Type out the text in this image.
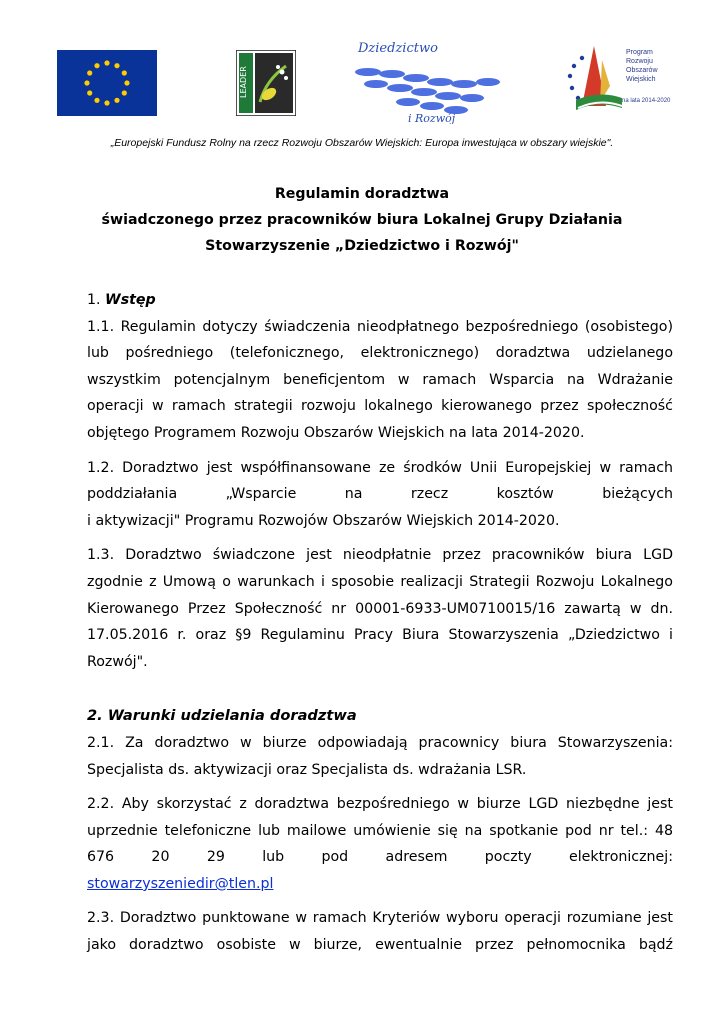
LEADER
Dziedzictwo
i Rozwój
Program
Rozwoju
Obszarów
Wiejskich
na lata 2014-2020
„Europejski Fundusz Rolny na rzecz Rozwoju Obszarów Wiejskich: Europa inwestująca w obszary wiejskie".
Regulamin doradztwa
świadczonego przez pracowników biura Lokalnej Grupy Działania
Stowarzyszenie „Dziedzictwo i Rozwój"
1. Wstęp

1.1. Regulamin dotyczy świadczenia nieodpłatnego bezpośredniego (osobistego) lub pośredniego (telefonicznego, elektronicznego) doradztwa udzielanego wszystkim potencjalnym beneficjentom w ramach Wsparcia na Wdrażanie operacji w ramach strategii rozwoju lokalnego kierowanego przez społeczność objętego Programem Rozwoju Obszarów Wiejskich na lata 2014-2020.

1.2. Doradztwo jest współfinansowane ze środków Unii Europejskiej w ramach poddziałania „Wsparcie na rzecz kosztów bieżących

i aktywizacji" Programu Rozwojów Obszarów Wiejskich 2014-2020.

1.3. Doradztwo świadczone jest nieodpłatnie przez pracowników biura LGD zgodnie z Umową o warunkach i sposobie realizacji Strategii Rozwoju Lokalnego Kierowanego Przez Społeczność nr 00001-6933-UM0710015/16 zawartą w dn. 17.05.2016 r. oraz §9 Regulaminu Pracy Biura Stowarzyszenia „Dziedzictwo i Rozwój".

2. Warunki udzielania doradztwa

2.1. Za doradztwo w biurze odpowiadają pracownicy biura Stowarzyszenia: Specjalista ds. aktywizacji oraz Specjalista ds. wdrażania LSR.

2.2. Aby skorzystać z doradztwa bezpośredniego w biurze LGD niezbędne jest uprzednie telefoniczne lub mailowe umówienie się na spotkanie pod nr tel.: 48 676 20 29 lub pod adresem poczty elektronicznej:

stowarzyszeniedir@tlen.pl

2.3. Doradztwo punktowane w ramach Kryteriów wyboru operacji rozumiane jest jako doradztwo osobiste w biurze, ewentualnie przez pełnomocnika bądź
